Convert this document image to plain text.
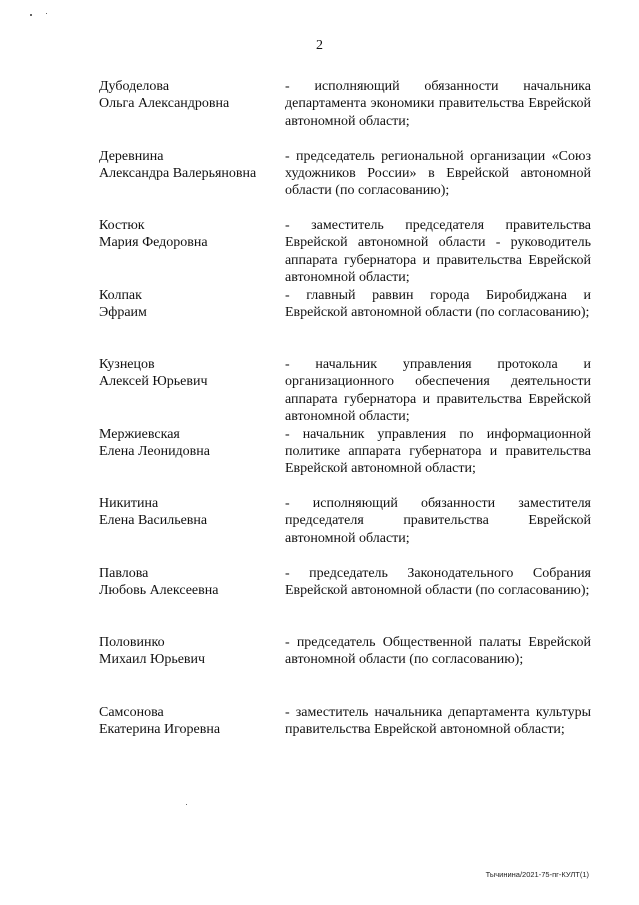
2
Дубоделова
Ольга Александровна
- исполняющий обязанности начальника департамента экономики правительства Еврейской автономной области;
Деревнина
Александра Валерьяновна
- председатель региональной организации «Союз художников России» в Еврейской автономной области (по согласованию);
Костюк
Мария Федоровна
- заместитель председателя правительства Еврейской автономной области - руководитель аппарата губернатора и правительства Еврейской автономной области;
Колпак
Эфраим
- главный раввин города Биробиджана и Еврейской автономной области (по согласованию);
Кузнецов
Алексей Юрьевич
- начальник управления протокола и организационного обеспечения деятельности аппарата губернатора и правительства Еврейской автономной области;
Мержиевская
Елена Леонидовна
- начальник управления по информационной политике аппарата губернатора и правительства Еврейской автономной области;
Никитина
Елена Васильевна
- исполняющий обязанности заместителя председателя правительства Еврейской автономной области;
Павлова
Любовь Алексеевна
- председатель Законодательного Собрания Еврейской автономной области (по согласованию);
Половинко
Михаил Юрьевич
- председатель Общественной палаты Еврейской автономной области (по согласованию);
Самсонова
Екатерина Игоревна
- заместитель начальника департамента культуры правительства Еврейской автономной области;
Тычинина/2021-75-пг-КУЛТ(1)
